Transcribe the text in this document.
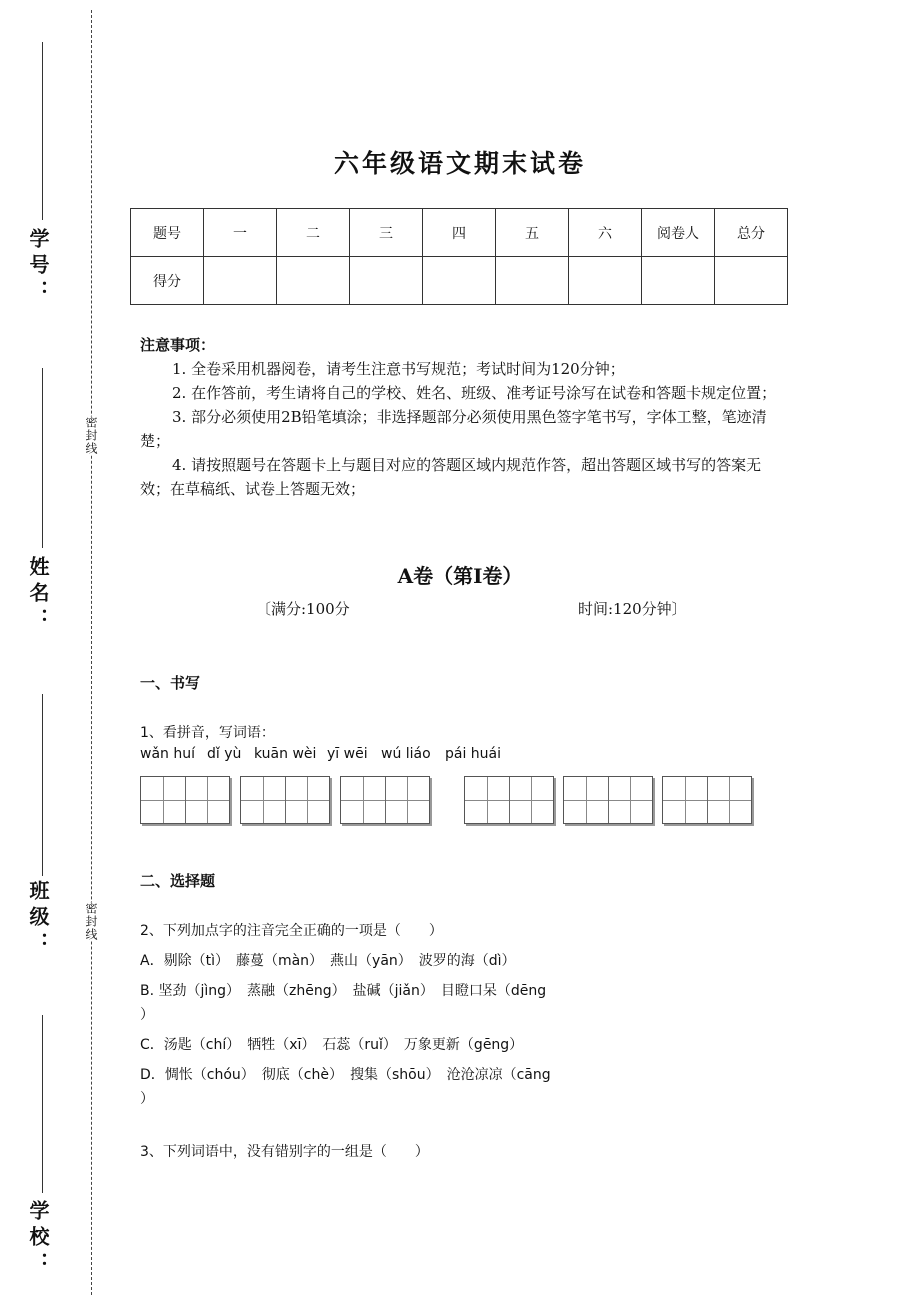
学号：
姓名：
班级：
学校：
密封线
密封线
六年级语文期末试卷
题号	一	二	三	四	五	六	阅卷人	总分
得分								
注意事项：

1. 全卷采用机器阅卷，请考生注意书写规范；考试时间为120分钟；

2. 在作答前，考生请将自己的学校、姓名、班级、准考证号涂写在试卷和答题卡规定位置；

3. 部分必须使用2B铅笔填涂；非选择题部分必须使用黑色签字笔书写，字体工整，笔迹清楚；

4. 请按照题号在答题卡上与题目对应的答题区域内规范作答，超出答题区域书写的答案无效；在草稿纸、试卷上答题无效；

A卷（第I卷）
〔满分:100分	时间:120分钟〕
一、书写
1、看拼音，写词语：
wǎn huí dǐ yù kuān wèi yī wēi wú liáo pái huái
二、选择题
2、下列加点字的注音完全正确的一项是（　　）
A．剔除（tì）　藤蔓（màn）　燕山（yān）　波罗的海（dì）
B. 坚劲（jìng）　蒸融（zhēng）　盐碱（jiǎn）　目瞪口呆（dēng
）
C．汤匙（chí）　牺牲（xī）　石蕊（ruǐ）　万象更新（gēng）
D．惆怅（chóu）　彻底（chè）　搜集（shōu）　沧沧凉凉（cāng
）
3、下列词语中，没有错别字的一组是（　　）
